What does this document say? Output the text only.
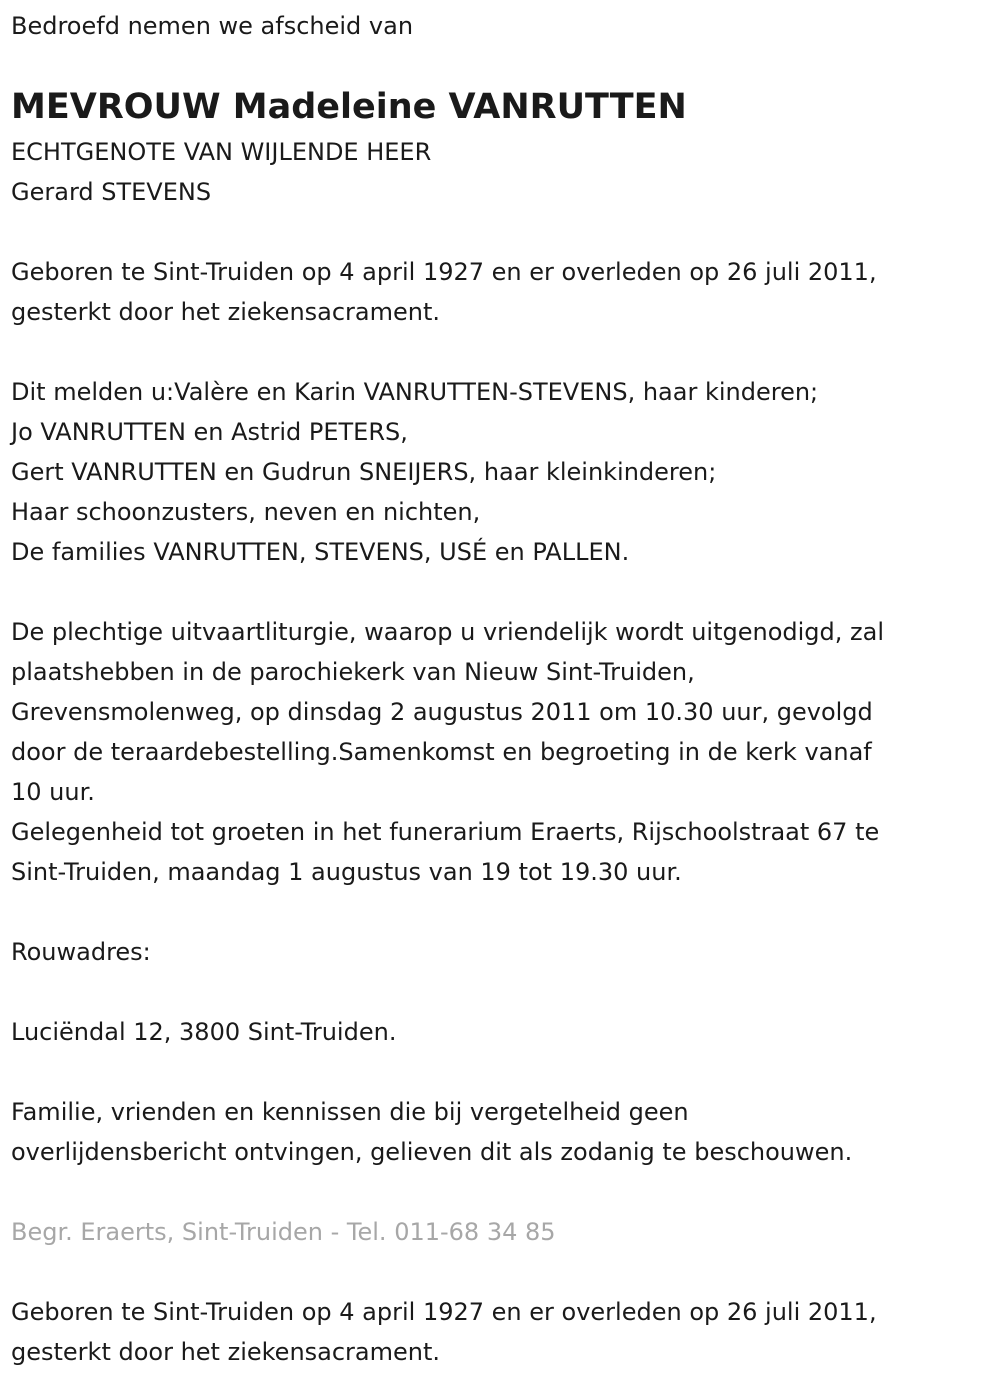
Bedroefd nemen we afscheid van
MEVROUW Madeleine VANRUTTEN
ECHTGENOTE VAN WIJLENDE HEER
Gerard STEVENS
Geboren te Sint-Truiden op 4 april 1927 en er overleden op 26 juli 2011,
gesterkt door het ziekensacrament.
Dit melden u:Valère en Karin VANRUTTEN-STEVENS, haar kinderen;
Jo VANRUTTEN en Astrid PETERS,
Gert VANRUTTEN en Gudrun SNEIJERS, haar kleinkinderen;
Haar schoonzusters, neven en nichten,
De families VANRUTTEN, STEVENS, USÉ en PALLEN.
De plechtige uitvaartliturgie, waarop u vriendelijk wordt uitgenodigd, zal
plaatshebben in de parochiekerk van Nieuw Sint-Truiden,
Grevensmolenweg, op dinsdag 2 augustus 2011 om 10.30 uur, gevolgd
door de teraardebestelling.Samenkomst en begroeting in de kerk vanaf
10 uur.
Gelegenheid tot groeten in het funerarium Eraerts, Rijschoolstraat 67 te
Sint-Truiden, maandag 1 augustus van 19 tot 19.30 uur.
Rouwadres:
Luciëndal 12, 3800 Sint-Truiden.
Familie, vrienden en kennissen die bij vergetelheid geen
overlijdensbericht ontvingen, gelieven dit als zodanig te beschouwen.
Begr. Eraerts, Sint-Truiden - Tel. 011-68 34 85
Geboren te Sint-Truiden op 4 april 1927 en er overleden op 26 juli 2011,
gesterkt door het ziekensacrament.
